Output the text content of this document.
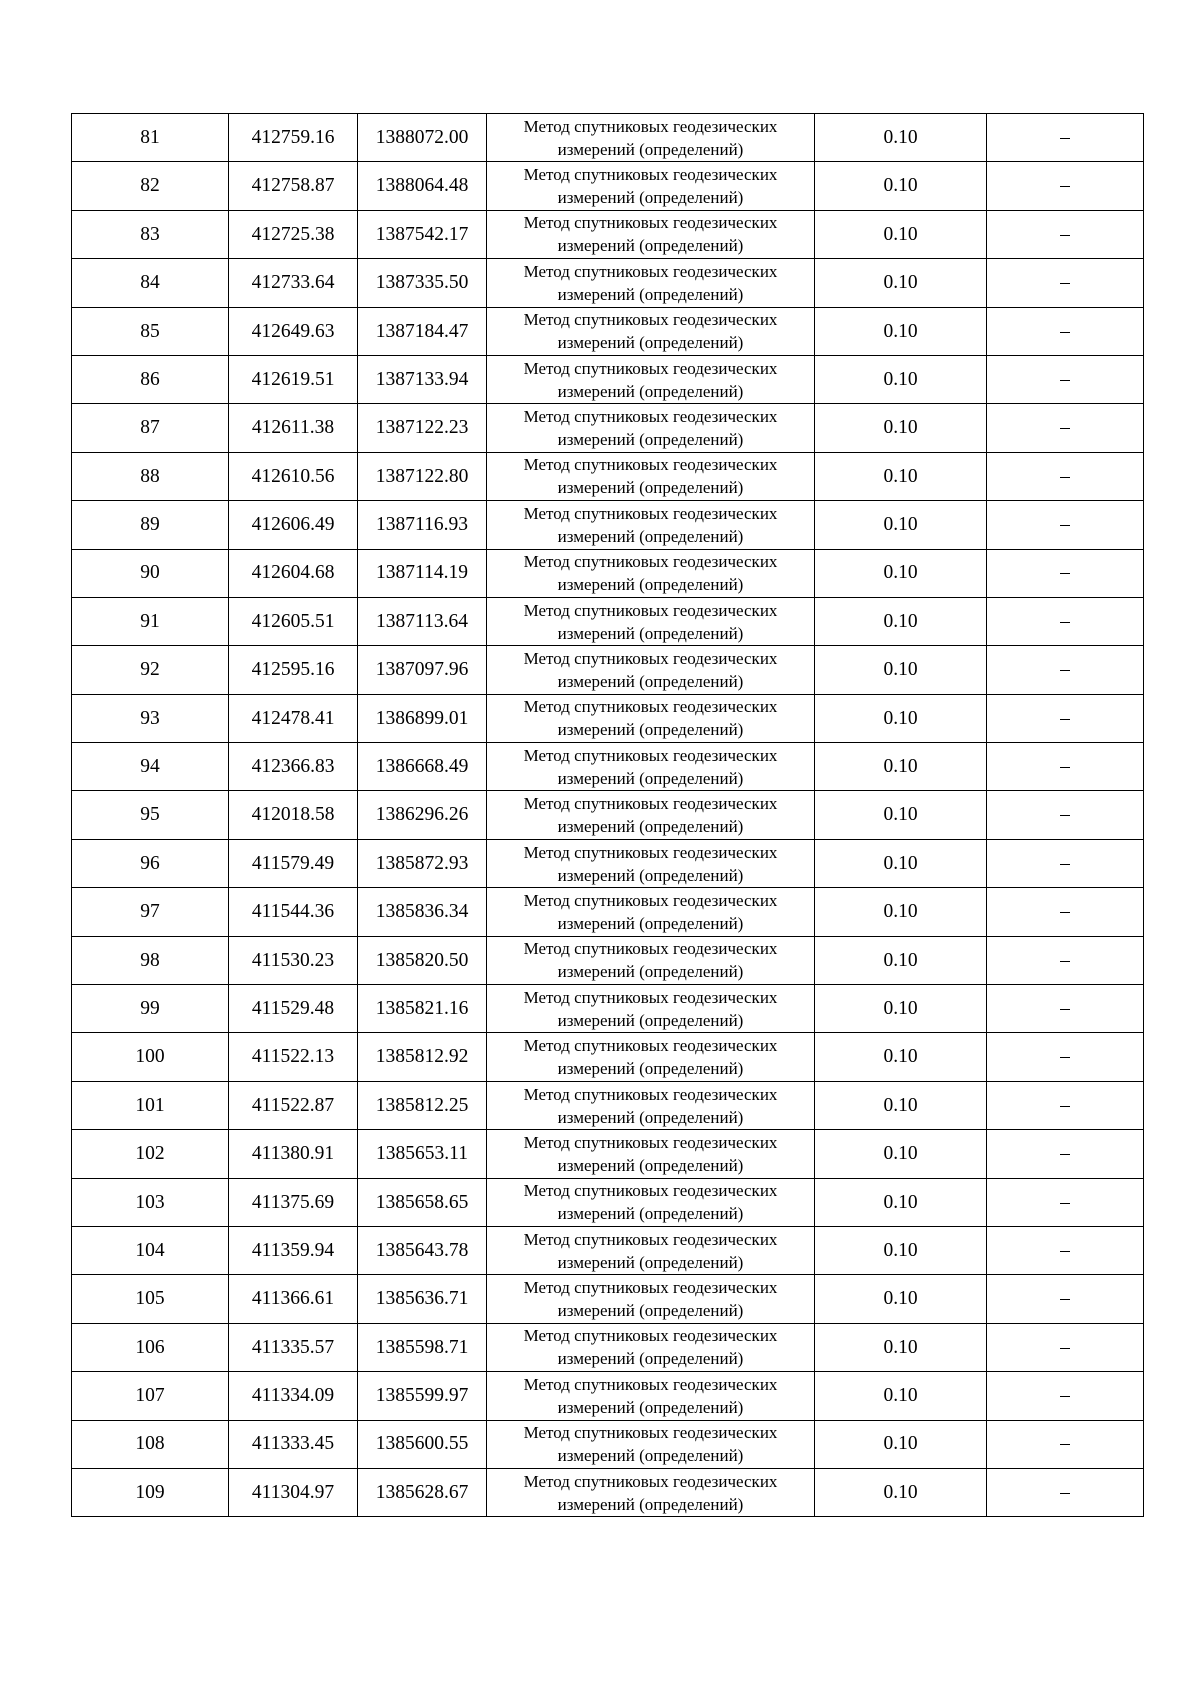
81	412759.16	1388072.00	Метод спутниковых геодезических измерений (определений)	0.10	–
82	412758.87	1388064.48	Метод спутниковых геодезических измерений (определений)	0.10	–
83	412725.38	1387542.17	Метод спутниковых геодезических измерений (определений)	0.10	–
84	412733.64	1387335.50	Метод спутниковых геодезических измерений (определений)	0.10	–
85	412649.63	1387184.47	Метод спутниковых геодезических измерений (определений)	0.10	–
86	412619.51	1387133.94	Метод спутниковых геодезических измерений (определений)	0.10	–
87	412611.38	1387122.23	Метод спутниковых геодезических измерений (определений)	0.10	–
88	412610.56	1387122.80	Метод спутниковых геодезических измерений (определений)	0.10	–
89	412606.49	1387116.93	Метод спутниковых геодезических измерений (определений)	0.10	–
90	412604.68	1387114.19	Метод спутниковых геодезических измерений (определений)	0.10	–
91	412605.51	1387113.64	Метод спутниковых геодезических измерений (определений)	0.10	–
92	412595.16	1387097.96	Метод спутниковых геодезических измерений (определений)	0.10	–
93	412478.41	1386899.01	Метод спутниковых геодезических измерений (определений)	0.10	–
94	412366.83	1386668.49	Метод спутниковых геодезических измерений (определений)	0.10	–
95	412018.58	1386296.26	Метод спутниковых геодезических измерений (определений)	0.10	–
96	411579.49	1385872.93	Метод спутниковых геодезических измерений (определений)	0.10	–
97	411544.36	1385836.34	Метод спутниковых геодезических измерений (определений)	0.10	–
98	411530.23	1385820.50	Метод спутниковых геодезических измерений (определений)	0.10	–
99	411529.48	1385821.16	Метод спутниковых геодезических измерений (определений)	0.10	–
100	411522.13	1385812.92	Метод спутниковых геодезических измерений (определений)	0.10	–
101	411522.87	1385812.25	Метод спутниковых геодезических измерений (определений)	0.10	–
102	411380.91	1385653.11	Метод спутниковых геодезических измерений (определений)	0.10	–
103	411375.69	1385658.65	Метод спутниковых геодезических измерений (определений)	0.10	–
104	411359.94	1385643.78	Метод спутниковых геодезических измерений (определений)	0.10	–
105	411366.61	1385636.71	Метод спутниковых геодезических измерений (определений)	0.10	–
106	411335.57	1385598.71	Метод спутниковых геодезических измерений (определений)	0.10	–
107	411334.09	1385599.97	Метод спутниковых геодезических измерений (определений)	0.10	–
108	411333.45	1385600.55	Метод спутниковых геодезических измерений (определений)	0.10	–
109	411304.97	1385628.67	Метод спутниковых геодезических измерений (определений)	0.10	–
